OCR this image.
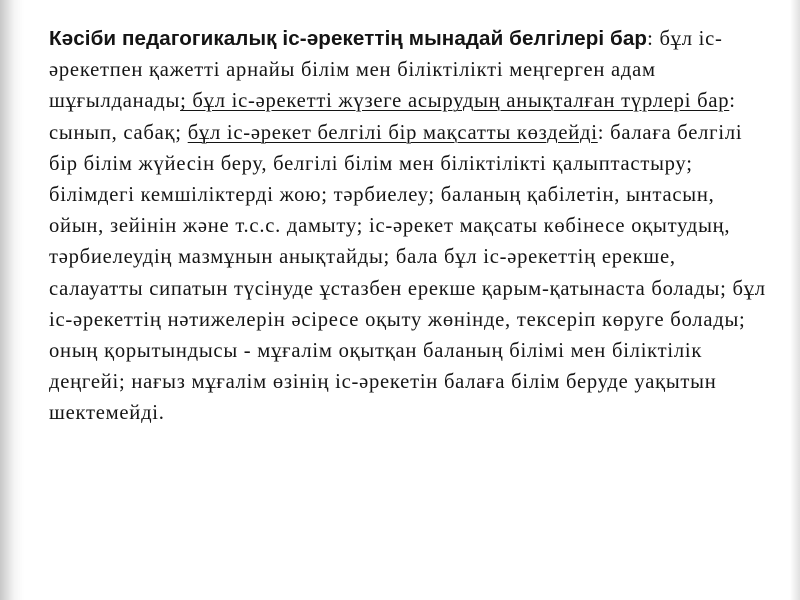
Кәсіби педагогикалық іс-әрекеттің мынадай белгілері бар: бұл іс-әрекетпен қажетті арнайы білім мен біліктілікті меңгерген адам шұғылданады; бұл іс-әрекетті жүзеге асырудың анықталған түрлері бар: сынып, сабақ; бұл іс-әрекет белгілі бір мақсатты көздейді: балаға белгілі бір білім жүйесін беру, белгілі білім мен біліктілікті қалыптастыру; білімдегі кемшіліктерді жою; тәрбиелеу; баланың қабілетін, ынтасын, ойын, зейінін және т.с.с. дамыту; іс-әрекет мақсаты көбінесе оқытудың, тәрбиелеудің мазмұнын анықтайды; бала бұл іс-әрекеттің ерекше, салауатты сипатын түсінуде ұстазбен ерекше қарым-қатынаста болады; бұл іс-әрекеттің нәтижелерін әсіресе оқыту жөнінде, тексеріп көруге болады; оның қорытындысы - мұғалім оқытқан баланың білімі мен біліктілік деңгейі; нағыз мұғалім өзінің іс-әрекетін балаға білім беруде уақытын шектемейді.
